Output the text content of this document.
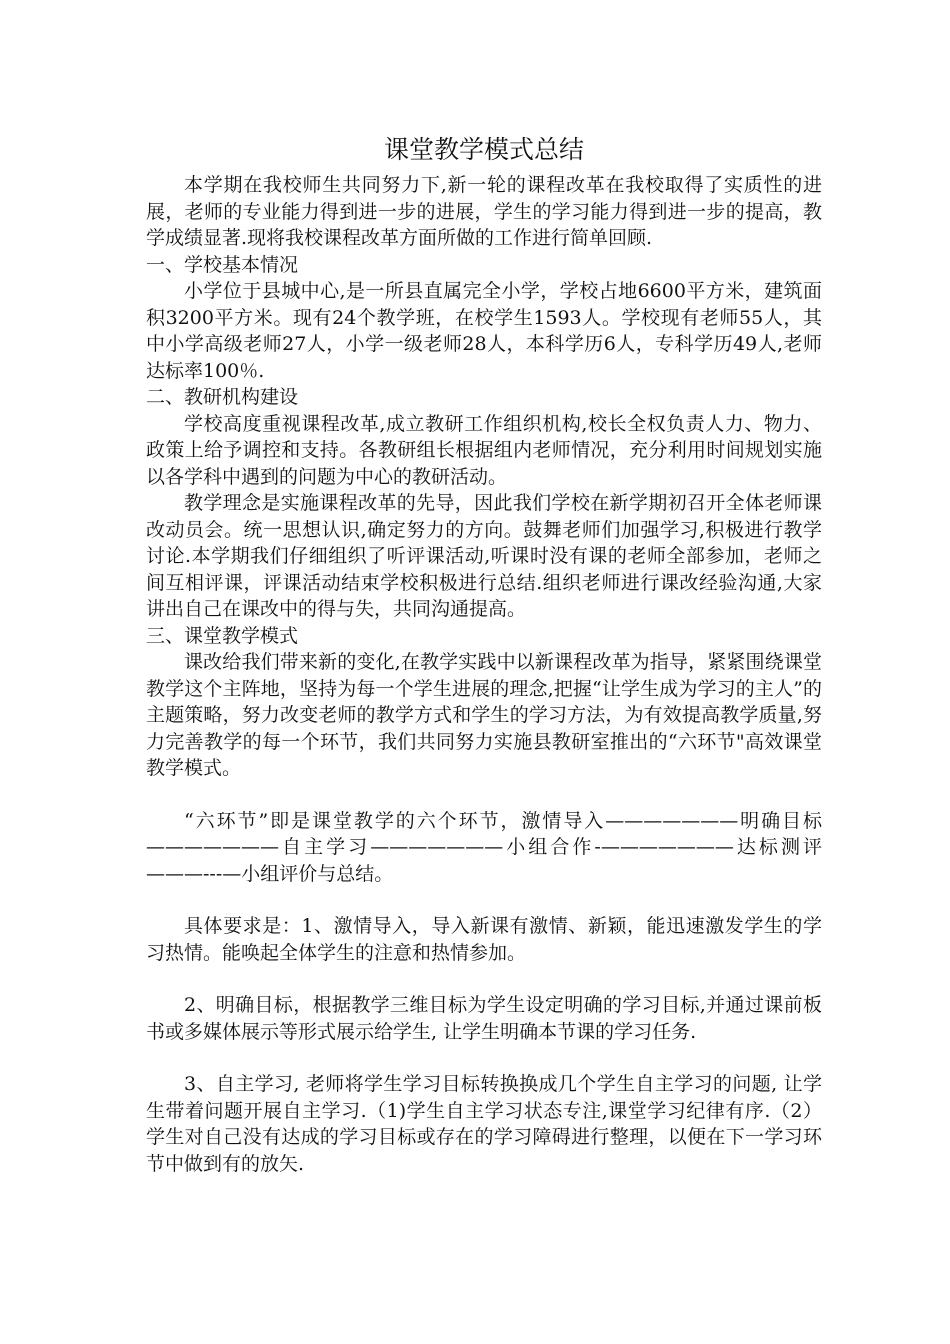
课堂教学模式总结

本学期在我校师生共同努力下,新一轮的课程改革在我校取得了实质性的进展，老师的专业能力得到进一步的进展，学生的学习能力得到进一步的提高，教学成绩显著.现将我校课程改革方面所做的工作进行简单回顾.

一、学校基本情况

小学位于县城中心,是一所县直属完全小学，学校占地6600平方米，建筑面积3200平方米。现有24个教学班，在校学生1593人。学校现有老师55人，其中小学高级老师27人，小学一级老师28人，本科学历6人，专科学历49人,老师达标率100％.

二、教研机构建设

学校高度重视课程改革,成立教研工作组织机构,校长全权负责人力、物力、政策上给予调控和支持。各教研组长根据组内老师情况，充分利用时间规划实施以各学科中遇到的问题为中心的教研活动。

教学理念是实施课程改革的先导，因此我们学校在新学期初召开全体老师课改动员会。统一思想认识,确定努力的方向。鼓舞老师们加强学习,积极进行教学讨论.本学期我们仔细组织了听评课活动,听课时没有课的老师全部参加，老师之间互相评课，评课活动结束学校积极进行总结.组织老师进行课改经验沟通,大家讲出自己在课改中的得与失，共同沟通提高。

三、课堂教学模式

课改给我们带来新的变化,在教学实践中以新课程改革为指导，紧紧围绕课堂教学这个主阵地，坚持为每一个学生进展的理念,把握“让学生成为学习的主人”的主题策略，努力改变老师的教学方式和学生的学习方法，为有效提高教学质量,努力完善教学的每一个环节，我们共同努力实施县教研室推出的“六环节"高效课堂教学模式。

“六环节”即是课堂教学的六个环节，激情导入———————明确目标———————自主学习———————小组合作-———————达标测评———---—小组评价与总结。

具体要求是：1、激情导入，导入新课有激情、新颖，能迅速激发学生的学习热情。能唤起全体学生的注意和热情参加。

2、明确目标，根据教学三维目标为学生设定明确的学习目标,并通过课前板书或多媒体展示等形式展示给学生, 让学生明确本节课的学习任务.

3、自主学习, 老师将学生学习目标转换换成几个学生自主学习的问题, 让学生带着问题开展自主学习.（1)学生自主学习状态专注,课堂学习纪律有序.（2）学生对自己没有达成的学习目标或存在的学习障碍进行整理，以便在下一学习环节中做到有的放矢.
